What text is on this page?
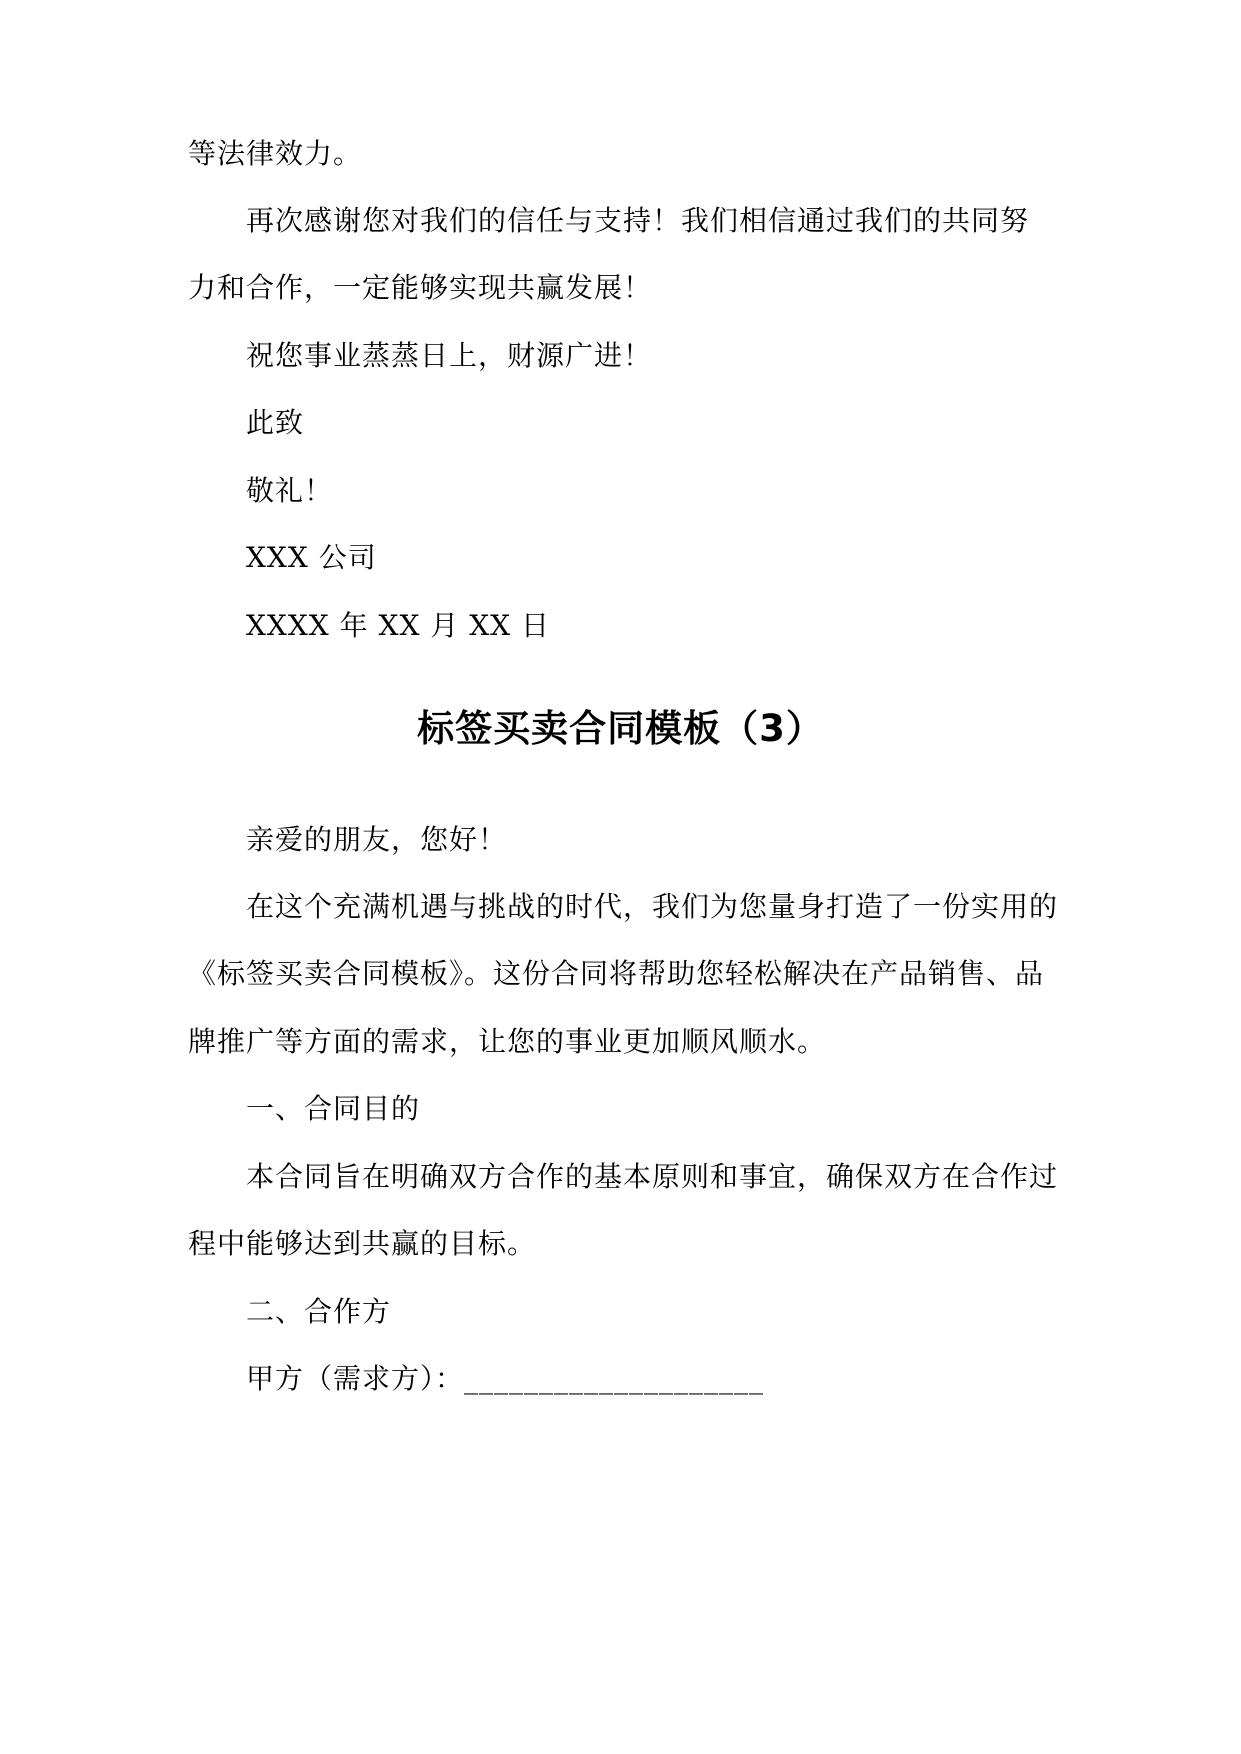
等法律效力。
再次感谢您对我们的信任与支持！我们相信通过我们的共同努
力和合作，一定能够实现共赢发展！
祝您事业蒸蒸日上，财源广进！
此致
敬礼！
XXX 公司
XXXX 年 XX 月 XX 日
标签买卖合同模板（3）
亲爱的朋友，您好！
在这个充满机遇与挑战的时代，我们为您量身打造了一份实用的
《标签买卖合同模板》。这份合同将帮助您轻松解决在产品销售、品
牌推广等方面的需求，让您的事业更加顺风顺水。
一、合同目的
本合同旨在明确双方合作的基本原则和事宜，确保双方在合作过
程中能够达到共赢的目标。
二、合作方
甲方（需求方）：____________________
